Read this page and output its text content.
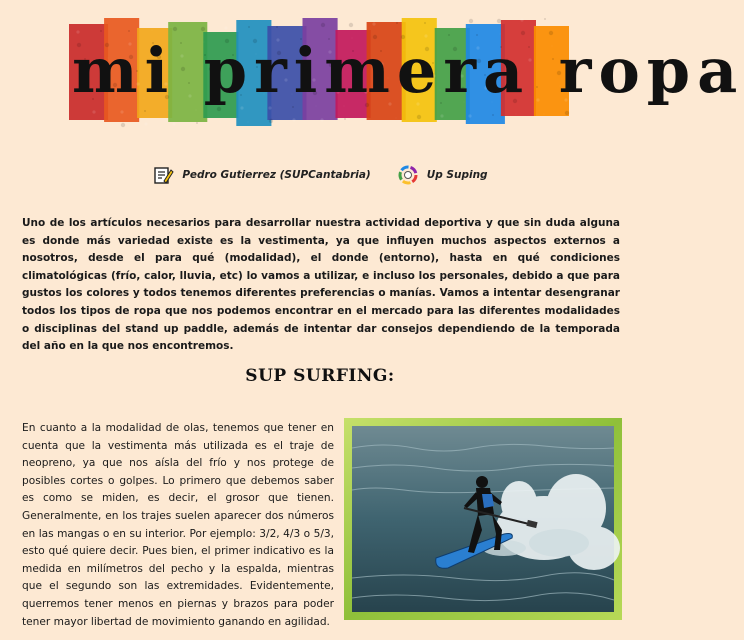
mi primera ropa
Pedro Gutierrez (SUPCantabria)	Up Suping

Uno de los artículos necesarios para desarrollar nuestra actividad deportiva y que sin duda alguna es donde más variedad existe es la vestimenta, ya que influyen muchos aspectos externos a nosotros, desde el para qué (modalidad), el donde (entorno), hasta en qué condiciones climatológicas (frío, calor, lluvia, etc) lo vamos a utilizar, e incluso los personales, debido a que para gustos los colores y todos tenemos diferentes preferencias o manías. Vamos a intentar desengranar todos los tipos de ropa que nos podemos encontrar en el mercado para las diferentes modalidades o disciplinas del stand up paddle, además de intentar dar consejos dependiendo de la temporada del año en la que nos encontremos.

SUP SURFING:

En cuanto a la modalidad de olas, tenemos que tener en cuenta que la vestimenta más utilizada es el traje de neopreno, ya que nos aísla del frío y nos protege de posibles cortes o golpes. Lo primero que debemos saber es como se miden, es decir, el grosor que tienen. Generalmente, en los trajes suelen aparecer dos números en las mangas o en su interior. Por ejemplo: 3/2, 4/3 o 5/3, esto qué quiere decir. Pues bien, el primer indicativo es la medida en milímetros del pecho y la espalda, mientras que el segundo son las extremidades. Evidentemente, querremos tener menos en piernas y brazos para poder tener mayor libertad de movimiento ganando en agilidad.
